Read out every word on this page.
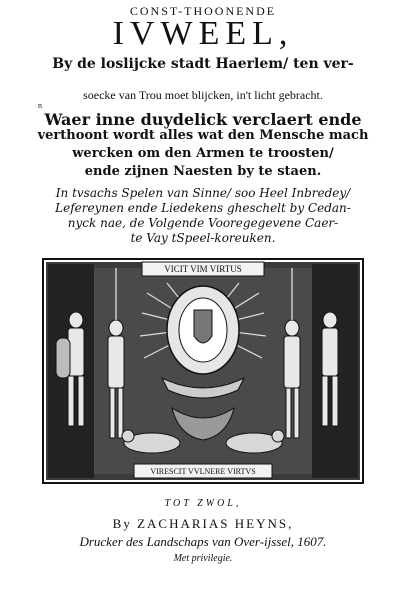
CONST-THOONENDE
IVWEEL,
By de loslijcke stadt Haerlem/ ten ver-
soecke van Trou moet blijcken, in't licht gebracht.
n
Waer inne duydelick verclaert ende
verthoont wordt alles wat den Mensche mach
wercken om den Armen te troosten/
ende zijnen Naesten by te staen.
In tvsachs Spelen van Sinne/ soo Heel Inbredey/
Lefereynen ende Liedekens gheschelt by Cedan-
nyck nae, de Volgende Vooregegevene Caer-
te Vay tSpeel-koreuken.
VICIT VIM VIRTUS
VIRESCIT VVLNERE VIRTVS
TOT ZWOL,
By ZACHARIAS HEYNS,
Drucker des Landschaps van Over-ijssel, 1607.
Met privilegie.
